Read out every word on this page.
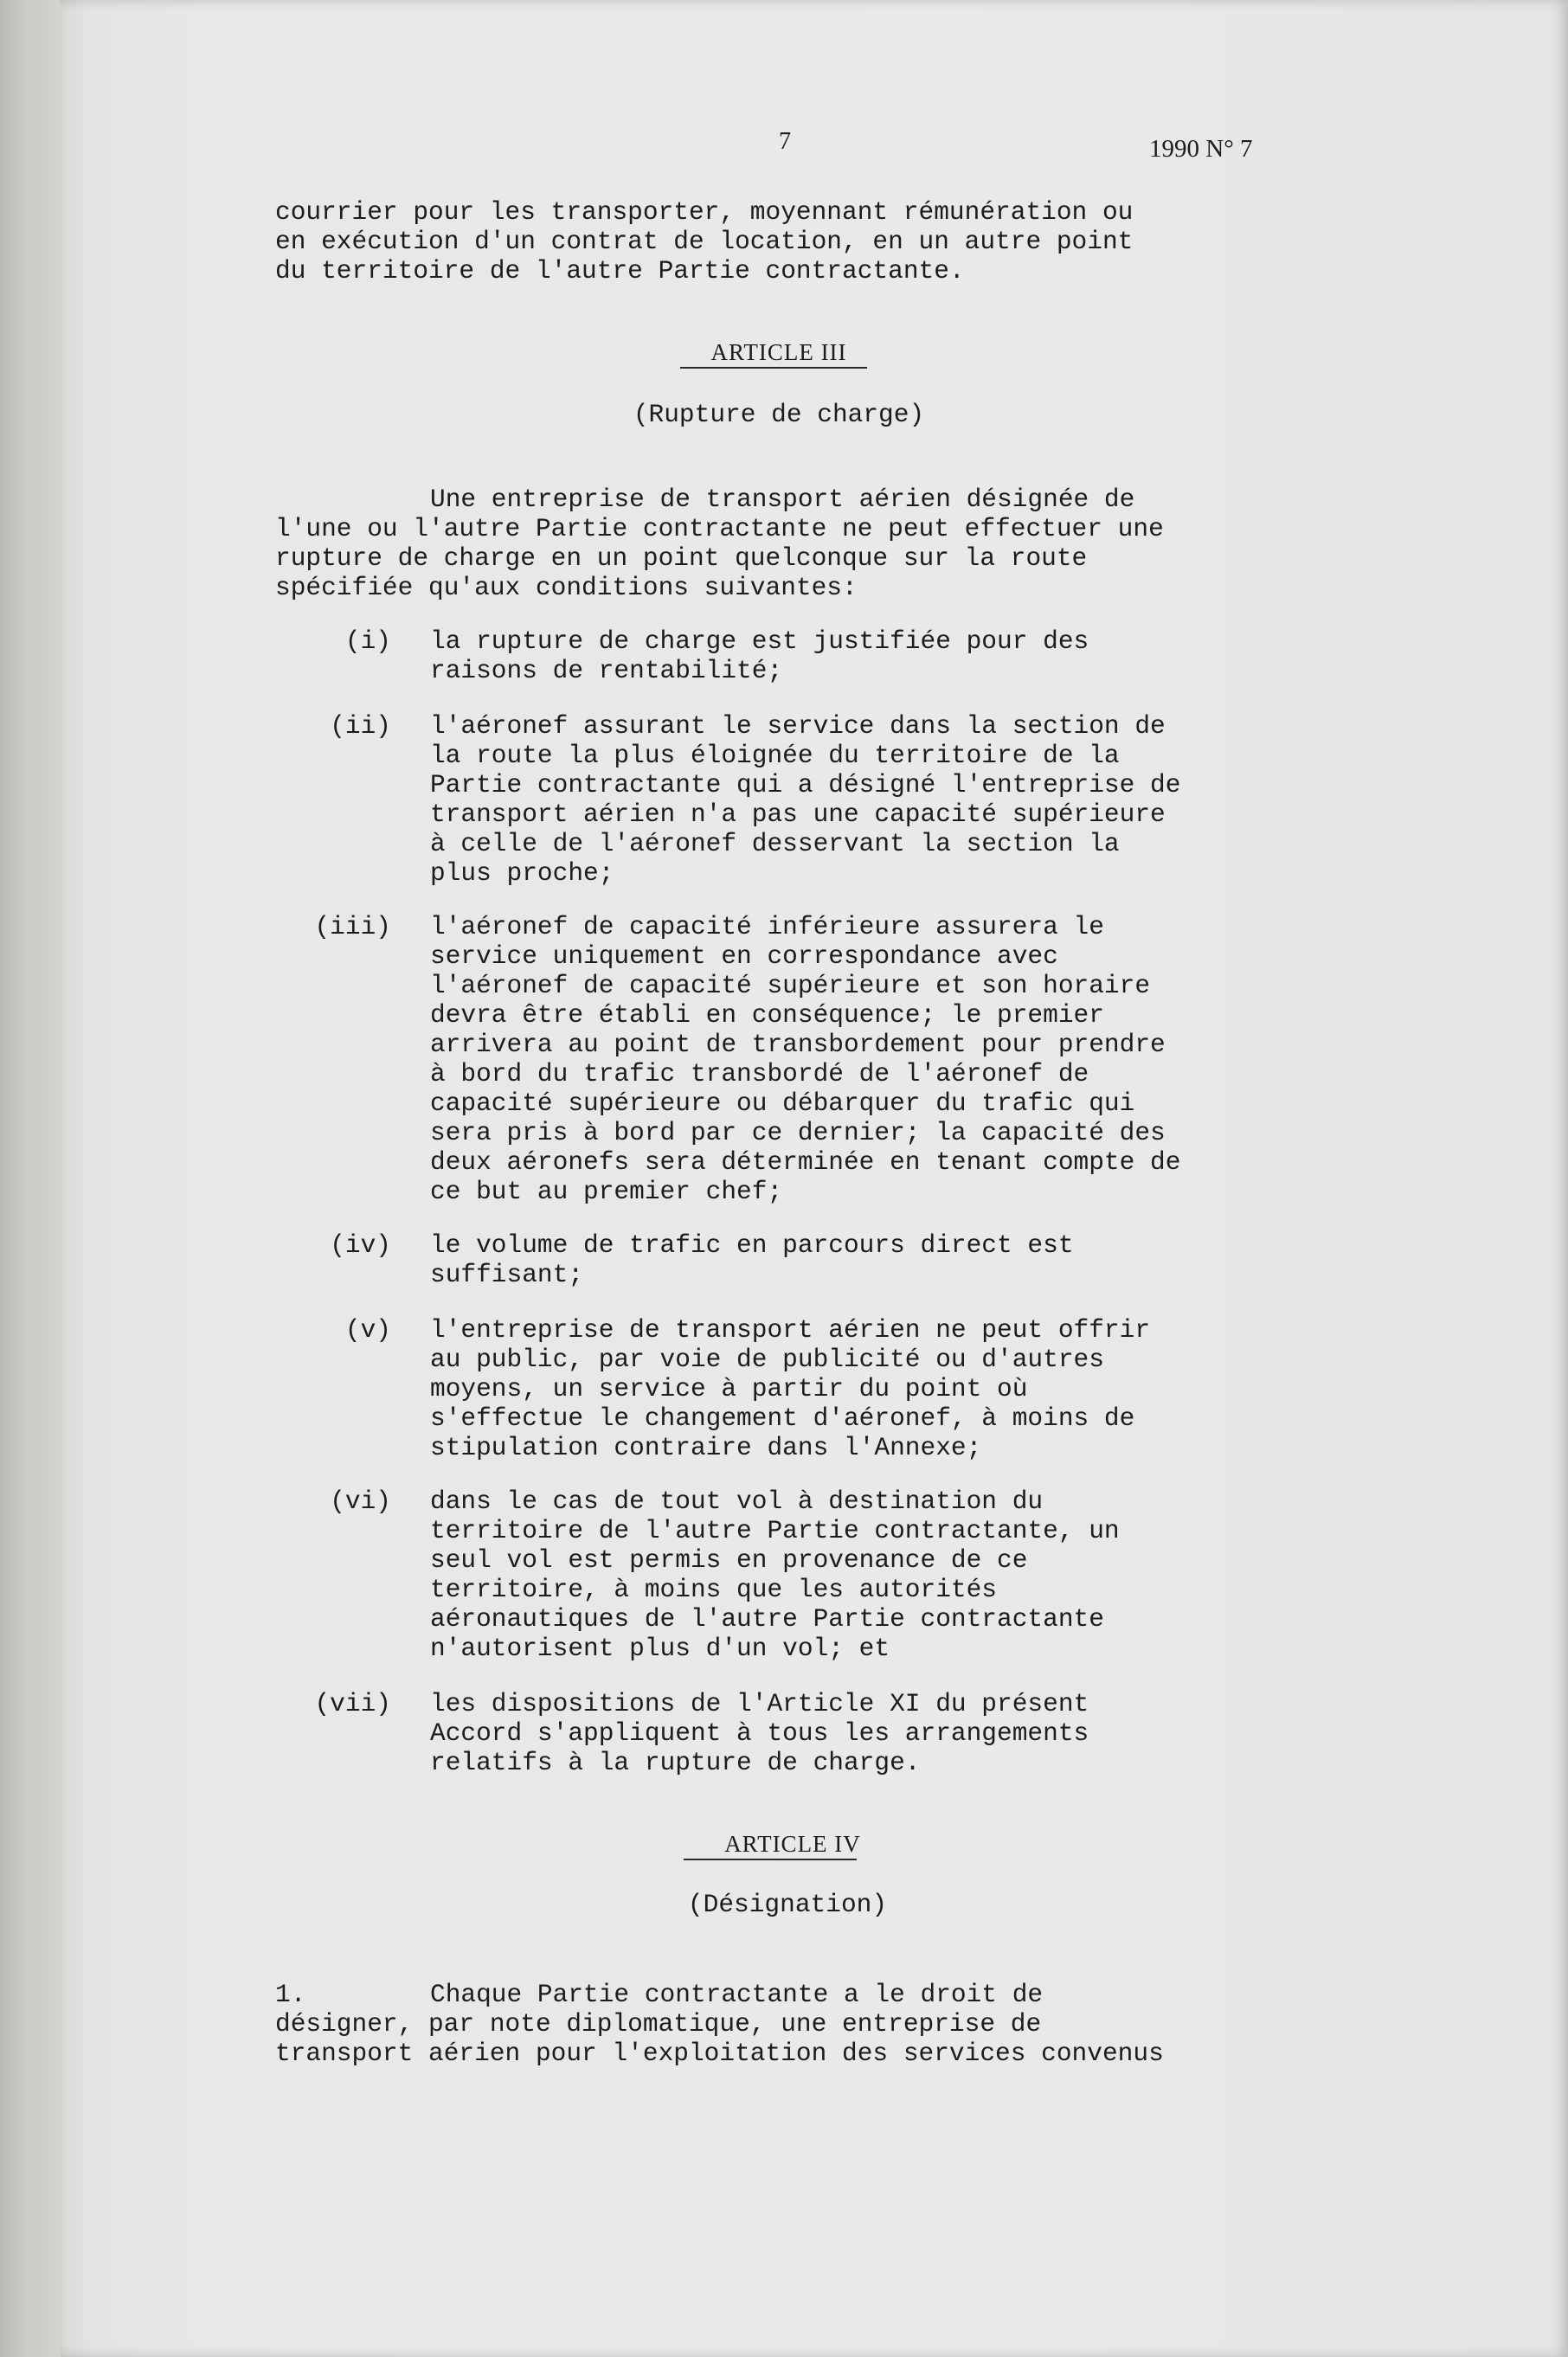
7	1990 N° 7
courrier pour les transporter, moyennant rémunération ou
en exécution d'un contrat de location, en un autre point
du territoire de l'autre Partie contractante.
ARTICLE III
(Rupture de charge)
Une entreprise de transport aérien désignée de
l'une ou l'autre Partie contractante ne peut effectuer une
rupture de charge en un point quelconque sur la route
spécifiée qu'aux conditions suivantes:
(i) la rupture de charge est justifiée pour des
raisons de rentabilité;
(ii) l'aéronef assurant le service dans la section de
la route la plus éloignée du territoire de la
Partie contractante qui a désigné l'entreprise de
transport aérien n'a pas une capacité supérieure
à celle de l'aéronef desservant la section la
plus proche;
(iii) l'aéronef de capacité inférieure assurera le
service uniquement en correspondance avec
l'aéronef de capacité supérieure et son horaire
devra être établi en conséquence; le premier
arrivera au point de transbordement pour prendre
à bord du trafic transbordé de l'aéronef de
capacité supérieure ou débarquer du trafic qui
sera pris à bord par ce dernier; la capacité des
deux aéronefs sera déterminée en tenant compte de
ce but au premier chef;
(iv) le volume de trafic en parcours direct est
suffisant;
(v) l'entreprise de transport aérien ne peut offrir
au public, par voie de publicité ou d'autres
moyens, un service à partir du point où
s'effectue le changement d'aéronef, à moins de
stipulation contraire dans l'Annexe;
(vi) dans le cas de tout vol à destination du
territoire de l'autre Partie contractante, un
seul vol est permis en provenance de ce
territoire, à moins que les autorités
aéronautiques de l'autre Partie contractante
n'autorisent plus d'un vol; et
(vii) les dispositions de l'Article XI du présent
Accord s'appliquent à tous les arrangements
relatifs à la rupture de charge.
ARTICLE IV
(Désignation)
1.	Chaque Partie contractante a le droit de
désigner, par note diplomatique, une entreprise de
transport aérien pour l'exploitation des services convenus
